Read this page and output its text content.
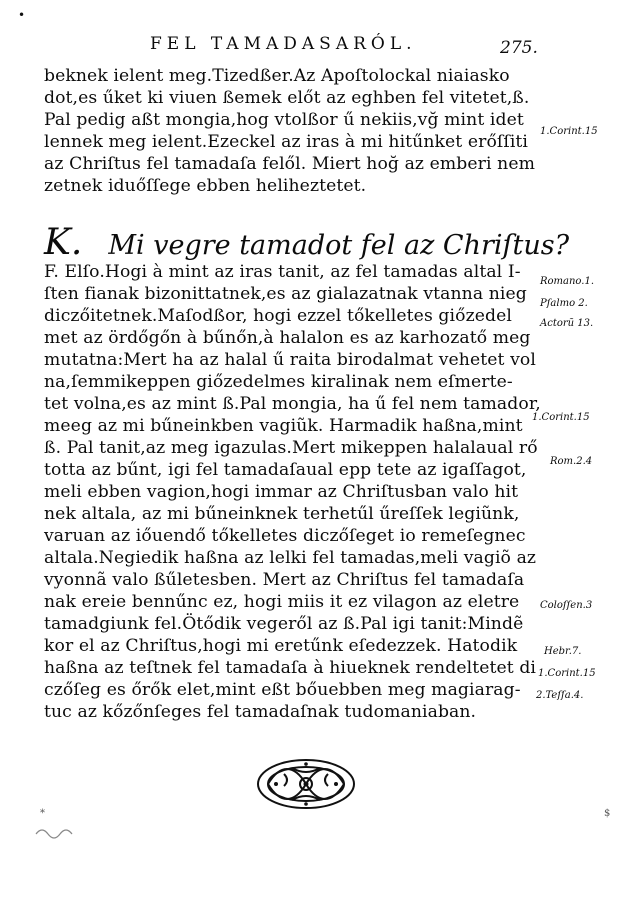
FEL TAMADASARÓL.	275.
beknek ielent meg.Tizedßer.Az Apoſtolockal niaiasko
dot,es űket ki viuen ßemek előt az eghben fel vitetet,ß.
Pal pedig aßt mongia,hog vtolßor ű nekiis,vğ mint idet
lennek meg ielent.Ezeckel az iras à mi hitűnket erőſſiti
az Chriſtus fel tamadaſa felől. Miert hoğ az emberi nem
zetnek iduőſſege ebben heliheztetet.
K. Mi vegre tamadot fel az Chriſtus?
F. Elſo.Hogi à mint az iras tanit, az fel tamadas altal I-
ſten fianak bizonittatnek,es az gialazatnak vtanna nieg
diczőitetnek.Maſodßor, hogi ezzel tőkelletes giőzedel
met az ördőgőn à bűnőn,à halalon es az karhozatő meg
mutatna:Mert ha az halal ű raita birodalmat vehetet vol
na,ſemmikeppen giőzedelmes kiralinak nem eſmerte-
tet volna,es az mint ß.Pal mongia, ha ű fel nem tamador,
meeg az mi bűneinkben vagiũk. Harmadik haßna,mint
ß. Pal tanit,az meg igazulas.Mert mikeppen halalaual rő
totta az bűnt, igi fel tamadaſaual epp tete az igaſſagot,
meli ebben vagion,hogi immar az Chriſtusban valo hit
nek altala, az mi bűneinknek terhetűl űreſſek legiũnk,
varuan az iőuendő tőkelletes diczőſeget io remeſegnec
altala.Negiedik haßna az lelki fel tamadas,meli vagiõ az
vyonnã valo ßűletesben. Mert az Chriſtus fel tamadaſa
nak ereie bennűnc ez, hogi miis it ez vilagon az eletre
tamadgiunk fel.Ötődik vegeről az ß.Pal igi tanit:Mindẽ
kor el az Chriſtus,hogi mi eretűnk eſedezzek. Hatodik
haßna az teſtnek fel tamadaſa à hiueknek rendeltetet di
czőſeg es őrők elet,mint eßt bőuebben meg magiarag-
tuc az kőzőnſeges fel tamadaſnak tudomaniaban.
1.Corint.15
Romano.1.
Pſalmo 2.
Actorũ 13.
1.Corint.15
Rom.2.4
Coloſſen.3
Hebr.7.
1.Corint.15
2.Teſſa.4.
•
*	$
